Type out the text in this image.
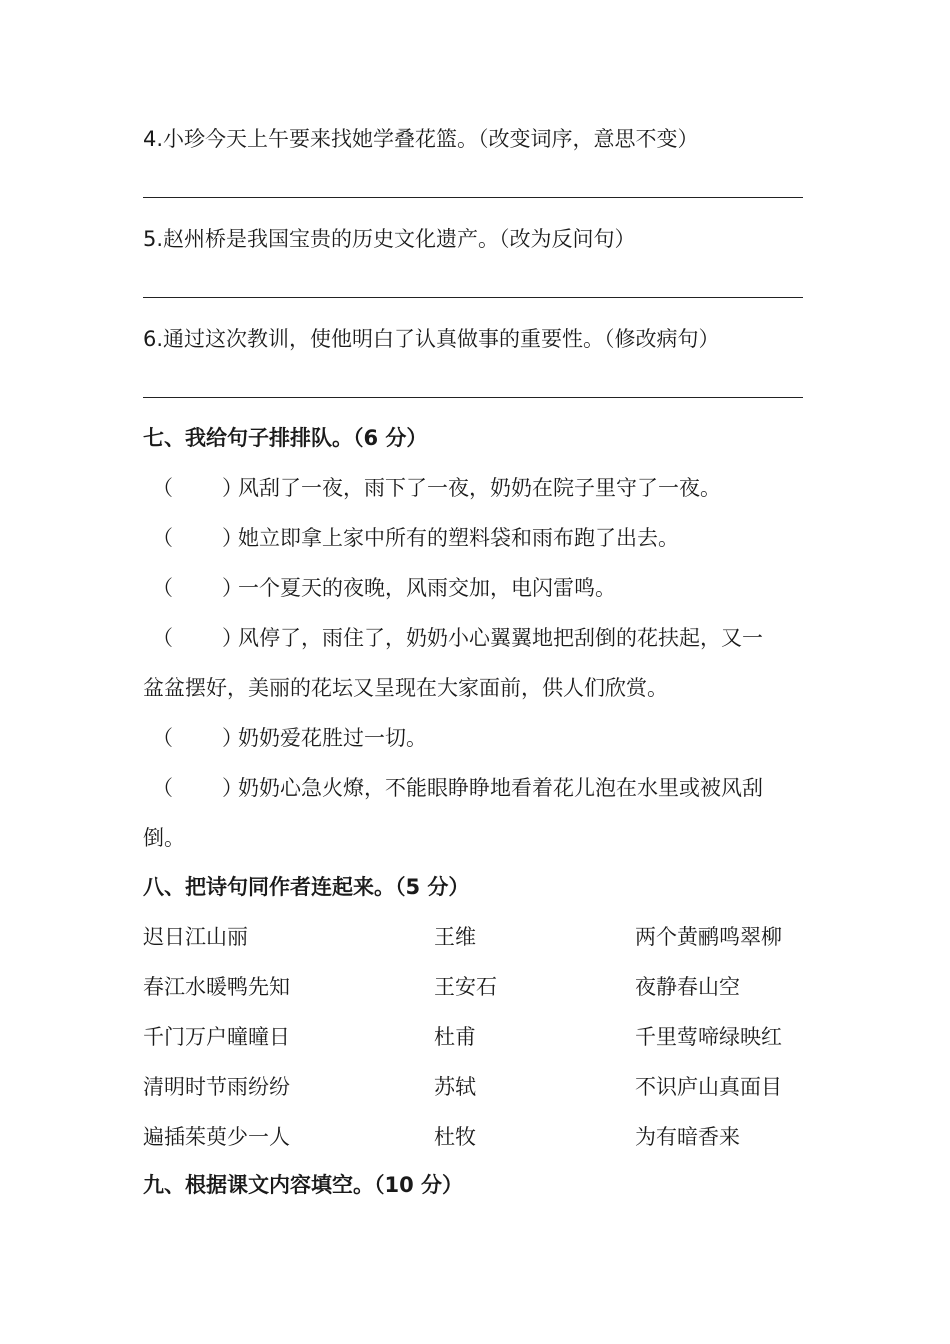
4.小珍今天上午要来找她学叠花篮。（改变词序，意思不变）
5.赵州桥是我国宝贵的历史文化遗产。（改为反问句）
6.通过这次教训，使他明白了认真做事的重要性。（修改病句）
七、我给句子排排队。（6 分）
（ ）风刮了一夜，雨下了一夜，奶奶在院子里守了一夜。
（ ）她立即拿上家中所有的塑料袋和雨布跑了出去。
（ ）一个夏天的夜晚，风雨交加，电闪雷鸣。
（ ）风停了，雨住了，奶奶小心翼翼地把刮倒的花扶起，又一
盆盆摆好，美丽的花坛又呈现在大家面前，供人们欣赏。
（ ）奶奶爱花胜过一切。
（ ）奶奶心急火燎，不能眼睁睁地看着花儿泡在水里或被风刮
倒。
八、把诗句同作者连起来。（5 分）
迟日江山丽	王维	两个黄鹂鸣翠柳
春江水暖鸭先知	王安石	夜静春山空
千门万户曈曈日	杜甫	千里莺啼绿映红
清明时节雨纷纷	苏轼	不识庐山真面目
遍插茱萸少一人	杜牧	为有暗香来
九、根据课文内容填空。（10 分）
